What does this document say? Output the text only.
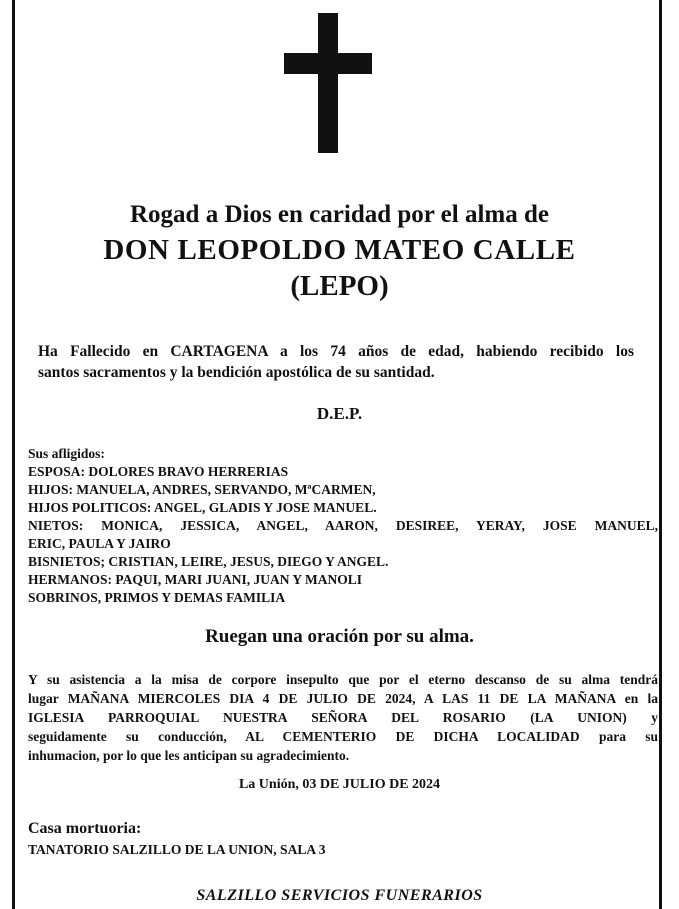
Rogad a Dios en caridad por el alma de
DON LEOPOLDO MATEO CALLE
(LEPO)
Ha Fallecido en CARTAGENA a los 74 años de edad, habiendo recibido los
santos sacramentos y la bendición apostólica de su santidad.
D.E.P.
Sus afligidos:
ESPOSA: DOLORES BRAVO HERRERIAS
HIJOS: MANUELA, ANDRES, SERVANDO, MªCARMEN,
HIJOS POLITICOS: ANGEL, GLADIS Y JOSE MANUEL.
NIETOS: MONICA, JESSICA, ANGEL, AARON, DESIREE, YERAY, JOSE MANUEL,
ERIC, PAULA Y JAIRO
BISNIETOS; CRISTIAN, LEIRE, JESUS, DIEGO Y ANGEL.
HERMANOS: PAQUI, MARI JUANI, JUAN Y MANOLI
SOBRINOS, PRIMOS Y DEMAS FAMILIA
Ruegan una oración por su alma.
Y su asistencia a la misa de corpore insepulto que por el eterno descanso de su alma tendrá
lugar MAÑANA MIERCOLES DIA 4 DE JULIO DE 2024, A LAS 11 DE LA MAÑANA en la
IGLESIA PARROQUIAL NUESTRA SEÑORA DEL ROSARIO (LA UNION) y
seguidamente su conducción, AL CEMENTERIO DE DICHA LOCALIDAD para su
inhumacion, por lo que les anticipan su agradecimiento.
La Unión, 03 DE JULIO DE 2024
Casa mortuoria:
TANATORIO SALZILLO DE LA UNION, SALA 3
SALZILLO SERVICIOS FUNERARIOS
